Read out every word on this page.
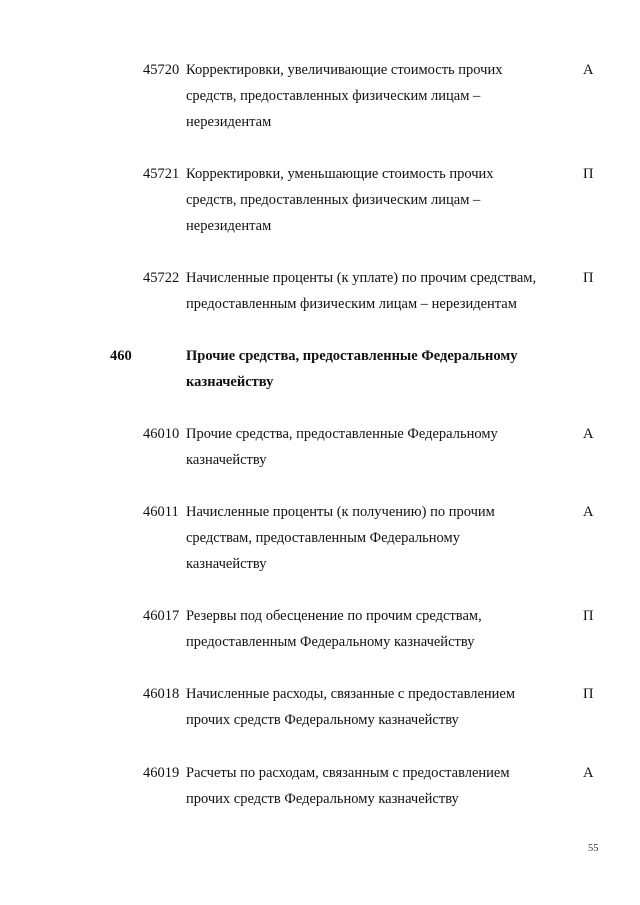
45720 Корректировки, увеличивающие стоимость прочих
средств, предоставленных физическим лицам –
нерезидентам
А
45721 Корректировки, уменьшающие стоимость прочих
средств, предоставленных физическим лицам –
нерезидентам
П
45722 Начисленные проценты (к уплате) по прочим средствам,
предоставленным физическим лицам – нерезидентам
П
460	Прочие средства, предоставленные Федеральному
казначейству
46010 Прочие средства, предоставленные Федеральному
казначейству
А
46011 Начисленные проценты (к получению) по прочим
средствам, предоставленным Федеральному
казначейству
А
46017 Резервы под обесценение по прочим средствам,
предоставленным Федеральному казначейству
П
46018 Начисленные расходы, связанные с предоставлением
прочих средств Федеральному казначейству
П
46019 Расчеты по расходам, связанным с предоставлением
прочих средств Федеральному казначейству
А
55
